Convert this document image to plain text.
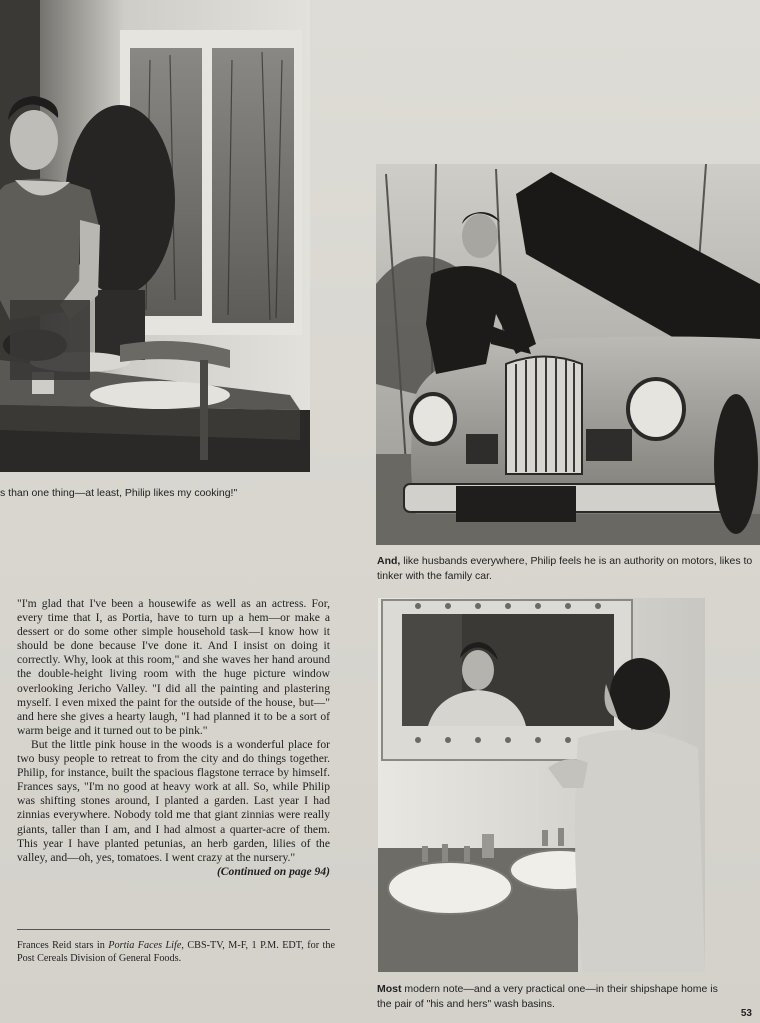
s than one thing—at least, Philip likes my cooking!"
And, like husbands everywhere, Philip feels he is an authority on motors, likes to tinker with the family car.

"I'm glad that I've been a housewife as well as an actress. For, every time that I, as Portia, have to turn up a hem—or make a dessert or do some other simple household task—I know how it should be done because I've done it. And I insist on doing it correctly. Why, look at this room," and she waves her hand around the double-height living room with the huge picture window overlooking Jericho Valley. "I did all the painting and plastering myself. I even mixed the paint for the outside of the house, but—" and here she gives a hearty laugh, "I had planned it to be a sort of warm beige and it turned out to be pink."

But the little pink house in the woods is a wonderful place for two busy people to retreat to from the city and do things together. Philip, for instance, built the spacious flagstone terrace by himself. Frances says, "I'm no good at heavy work at all. So, while Philip was shifting stones around, I planted a garden. Last year I had zinnias everywhere. Nobody told me that giant zinnias were really giants, taller than I am, and I had almost a quarter-acre of them. This year I have planted petunias, an herb garden, lilies of the valley, and—oh, yes, tomatoes. I went crazy at the nursery."
(Continued on page 94)

Frances Reid stars in Portia Faces Life, CBS-TV, M-F, 1 P.M. EDT, for the Post Cereals Division of General Foods.
Most modern note—and a very practical one—in their shipshape home is the pair of "his and hers" wash basins.
53
